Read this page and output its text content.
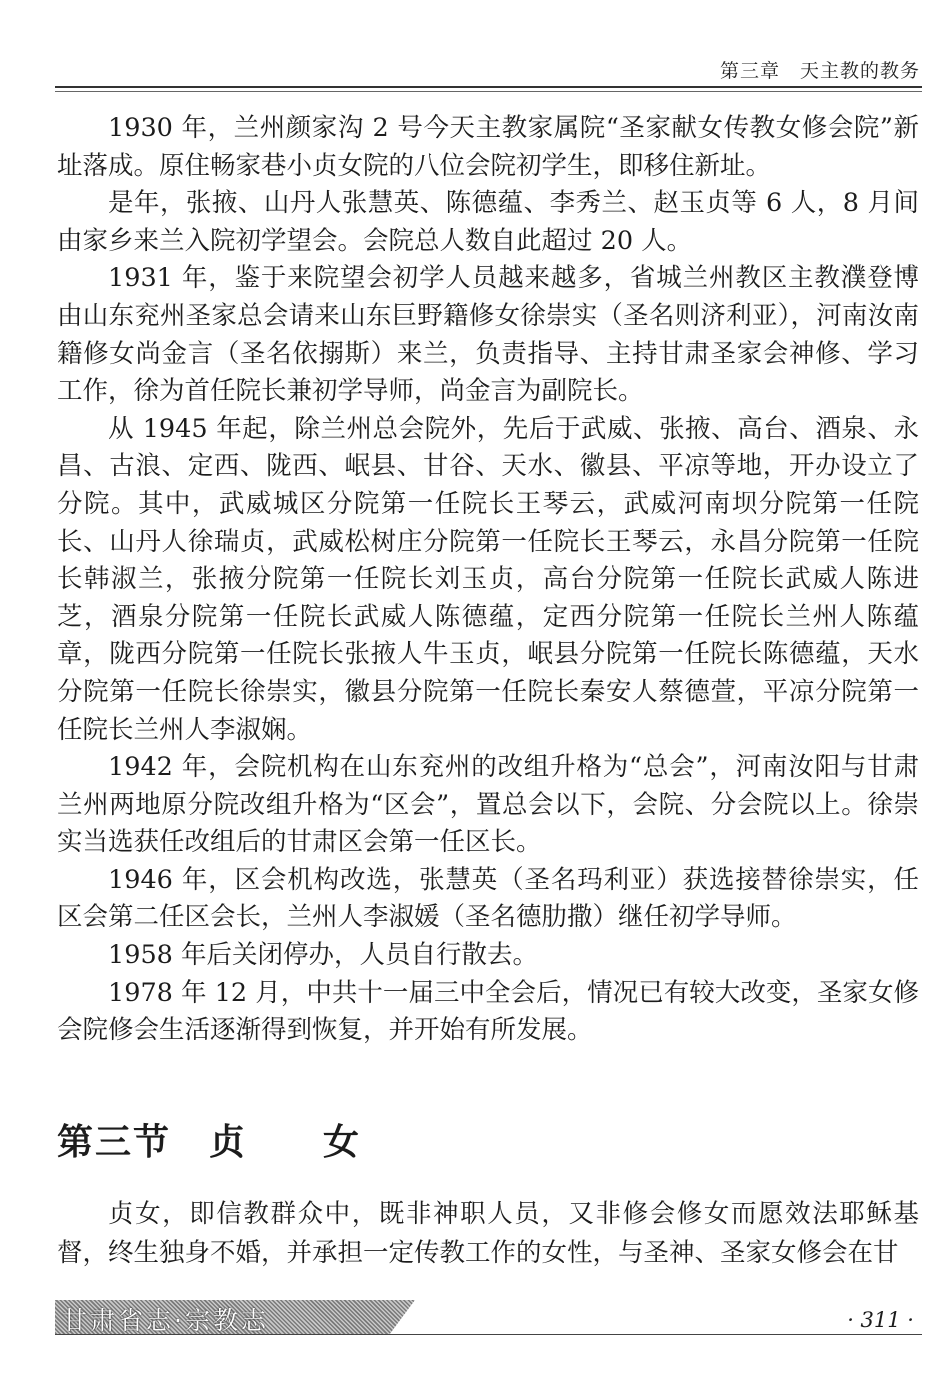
第三章　天主教的教务

1930 年，兰州颜家沟 2 号今天主教家属院“圣家献女传教女修会院”新址落成。原住畅家巷小贞女院的八位会院初学生，即移住新址。

是年，张掖、山丹人张慧英、陈德蕴、李秀兰、赵玉贞等 6 人，8 月间由家乡来兰入院初学望会。会院总人数自此超过 20 人。

1931 年，鉴于来院望会初学人员越来越多，省城兰州教区主教濮登博由山东兖州圣家总会请来山东巨野籍修女徐崇实（圣名则济利亚），河南汝南籍修女尚金言（圣名依搦斯）来兰，负责指导、主持甘肃圣家会神修、学习工作，徐为首任院长兼初学导师，尚金言为副院长。

从 1945 年起，除兰州总会院外，先后于武威、张掖、高台、酒泉、永昌、古浪、定西、陇西、岷县、甘谷、天水、徽县、平凉等地，开办设立了分院。其中，武威城区分院第一任院长王琴云，武威河南坝分院第一任院长、山丹人徐瑞贞，武威松树庄分院第一任院长王琴云，永昌分院第一任院长韩淑兰，张掖分院第一任院长刘玉贞，高台分院第一任院长武威人陈进芝，酒泉分院第一任院长武威人陈德蕴，定西分院第一任院长兰州人陈蕴章，陇西分院第一任院长张掖人牛玉贞，岷县分院第一任院长陈德蕴，天水分院第一任院长徐崇实，徽县分院第一任院长秦安人蔡德萱，平凉分院第一任院长兰州人李淑娴。

1942 年，会院机构在山东兖州的改组升格为“总会”，河南汝阳与甘肃兰州两地原分院改组升格为“区会”，置总会以下，会院、分会院以上。徐崇实当选获任改组后的甘肃区会第一任区长。

1946 年，区会机构改选，张慧英（圣名玛利亚）获选接替徐崇实，任区会第二任区会长，兰州人李淑媛（圣名德肋撒）继任初学导师。

1958 年后关闭停办，人员自行散去。

1978 年 12 月，中共十一届三中全会后，情况已有较大改变，圣家女修会院修会生活逐渐得到恢复，并开始有所发展。

第三节　贞　　女

贞女，即信教群众中，既非神职人员，又非修会修女而愿效法耶稣基督，终生独身不婚，并承担一定传教工作的女性，与圣神、圣家女修会在甘

甘肃省志·宗教志	· 311 ·
